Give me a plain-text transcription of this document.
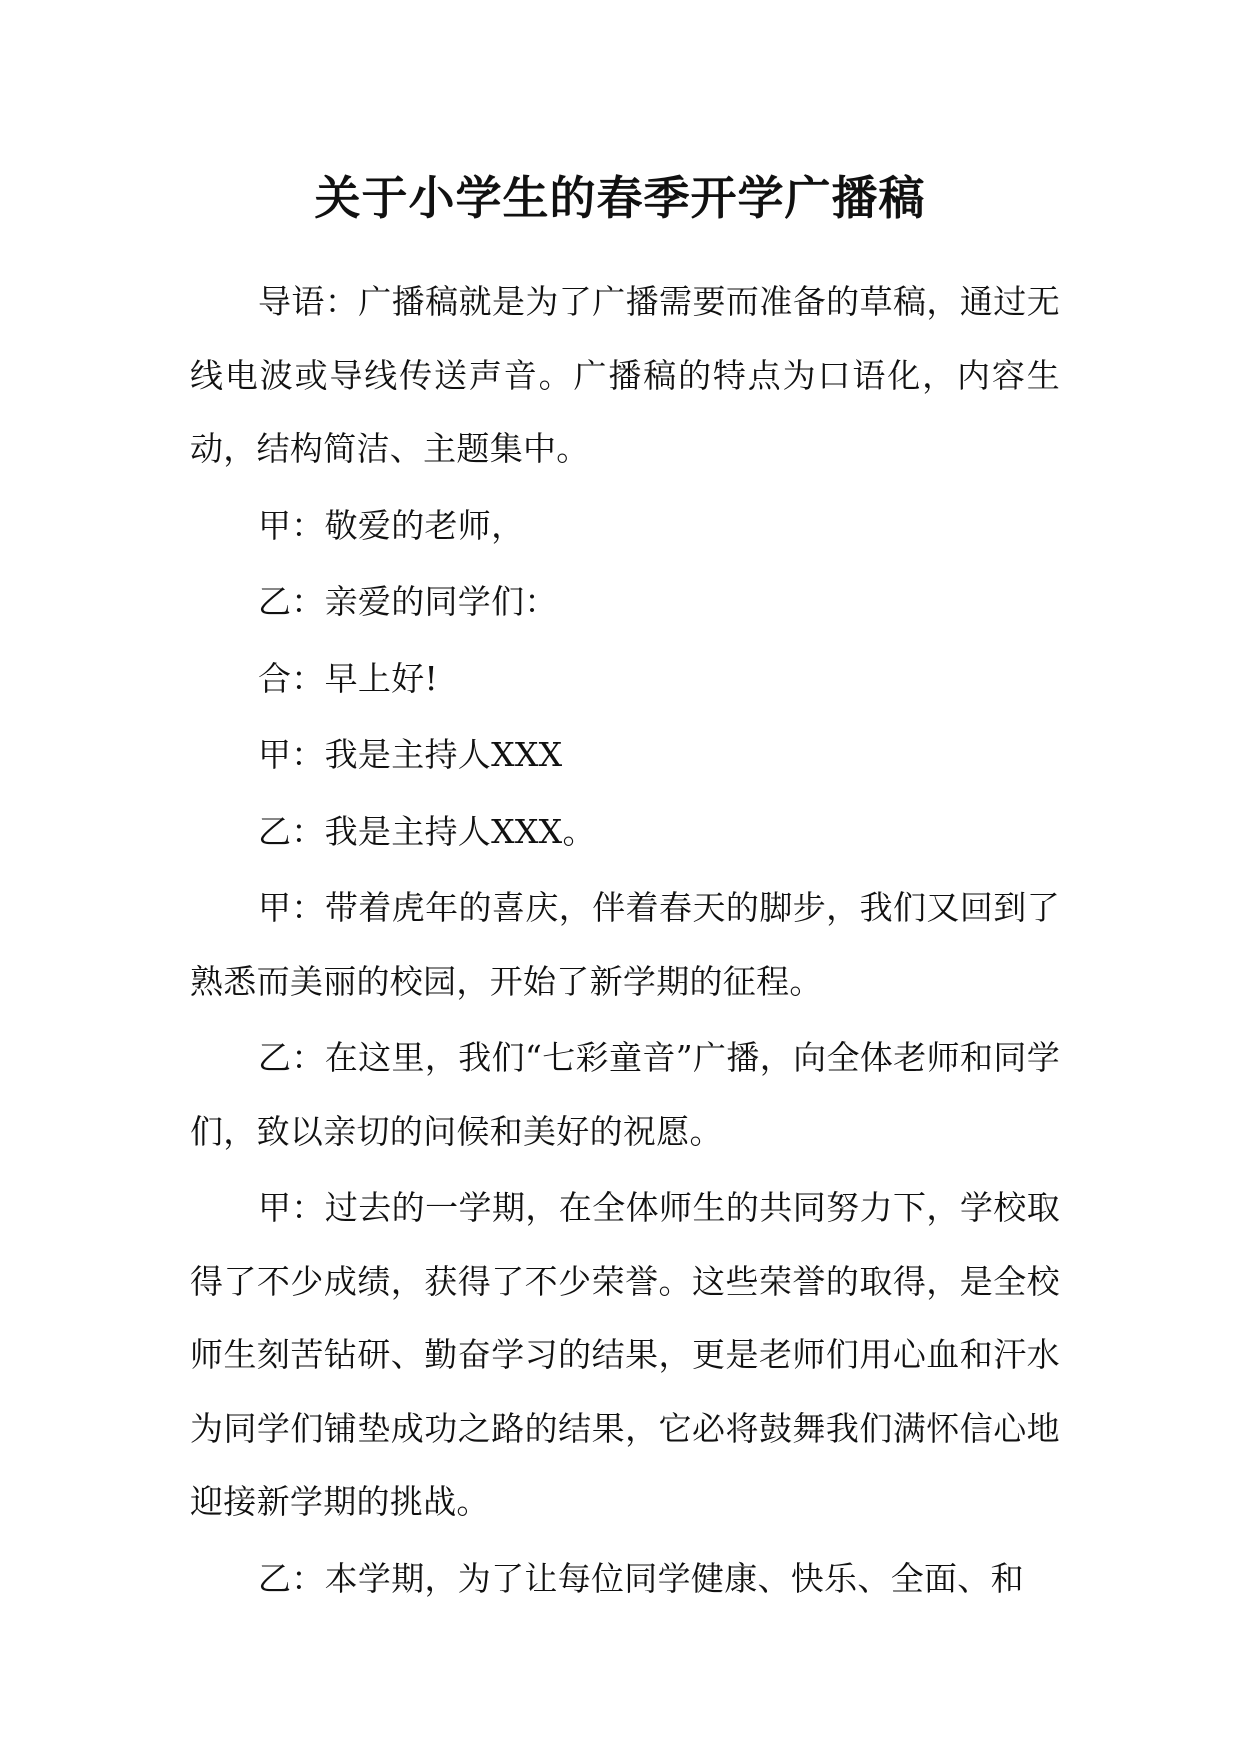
关于小学生的春季开学广播稿

导语：广播稿就是为了广播需要而准备的草稿，通过无线电波或导线传送声音。广播稿的特点为口语化，内容生动，结构简洁、主题集中。

甲：敬爱的老师，

乙：亲爱的同学们：

合：早上好!

甲：我是主持人XXX

乙：我是主持人XXX。

甲：带着虎年的喜庆，伴着春天的脚步，我们又回到了熟悉而美丽的校园，开始了新学期的征程。

乙：在这里，我们“七彩童音”广播，向全体老师和同学们，致以亲切的问候和美好的祝愿。

甲：过去的一学期，在全体师生的共同努力下，学校取得了不少成绩，获得了不少荣誉。这些荣誉的取得，是全校师生刻苦钻研、勤奋学习的结果，更是老师们用心血和汗水为同学们铺垫成功之路的结果，它必将鼓舞我们满怀信心地迎接新学期的挑战。

乙：本学期，为了让每位同学健康、快乐、全面、和
